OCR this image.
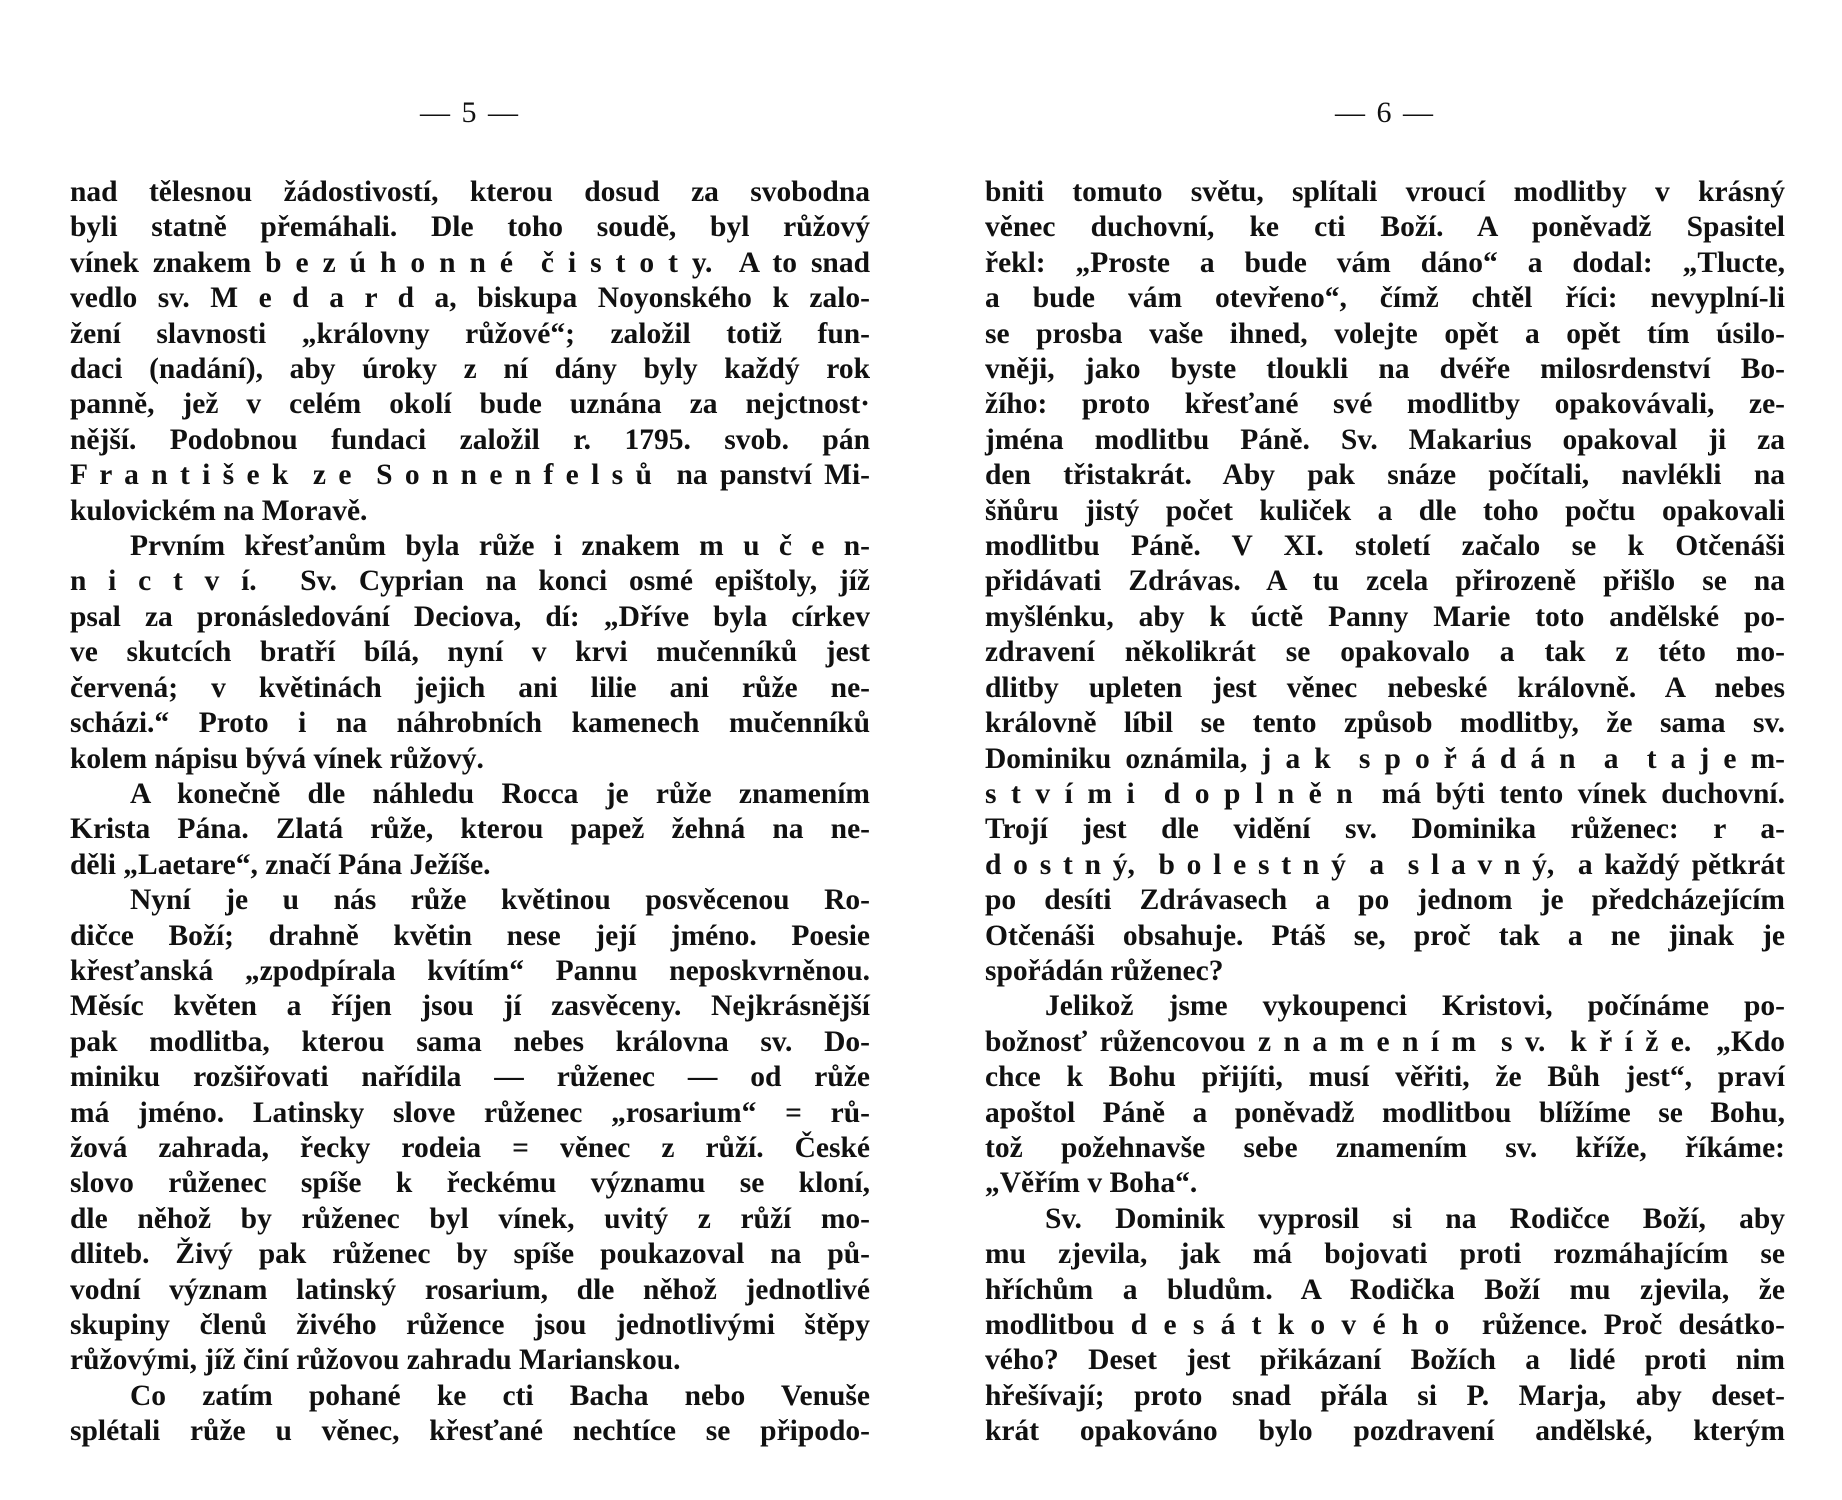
— 5 —
nad tělesnou žádostivostí, kterou dosud za svobodna
byli statně přemáhali. Dle toho soudě, byl růžový
vínek znakem b e z ú h o n n é  č i s t o t y.  A to snad
vedlo sv. M e d a r d a, biskupa Noyonského k zalo-
žení slavnosti „královny růžové“; založil totiž fun-
daci (nadání), aby úroky z ní dány byly každý rok
panně, jež v celém okolí bude uznána za nejctnost·
nější. Podobnou fundaci založil r. 1795. svob. pán
F r a n t i š e k  z e  S o n n e n f e l s ů  na panství Mi-
kulovickém na Moravě.
Prvním křesťanům byla růže i znakem m u č e n-
n i c t v í.  Sv. Cyprian na konci osmé epištoly, jíž
psal za pronásledování Deciova, dí: „Dříve byla církev
ve skutcích bratří bílá, nyní v krvi mučenníků jest
červená; v květinách jejich ani lilie ani růže ne-
scházi.“ Proto i na náhrobních kamenech mučenníků
kolem nápisu bývá vínek růžový.
A konečně dle náhledu Rocca je růže znamením
Krista Pána. Zlatá růže, kterou papež žehná na ne-
děli „Laetare“, značí Pána Ježíše.
Nyní je u nás růže květinou posvěcenou Ro-
dičce Boží; drahně květin nese její jméno. Poesie
křesťanská „zpodpírala kvítím“ Pannu neposkvrněnou.
Měsíc květen a říjen jsou jí zasvěceny. Nejkrásnější
pak modlitba, kterou sama nebes královna sv. Do-
miniku rozšiřovati nařídila — růženec — od růže
má jméno. Latinsky slove růženec „rosarium“ = rů-
žová zahrada, řecky rodeia = věnec z růží. České
slovo růženec spíše k řeckému významu se kloní,
dle něhož by růženec byl vínek, uvitý z růží mo-
dliteb. Živý pak růženec by spíše poukazoval na pů-
vodní význam latinský rosarium, dle něhož jednotlivé
skupiny členů živého růžence jsou jednotlivými štěpy
růžovými, jíž činí růžovou zahradu Marianskou.
Co zatím pohané ke cti Bacha nebo Venuše
splétali růže u věnec, křesťané nechtíce se připodo-
— 6 —
bniti tomuto světu, splítali vroucí modlitby v krásný
věnec duchovní, ke cti Boží. A poněvadž Spasitel
řekl: „Proste a bude vám dáno“ a dodal: „Tlucte,
a bude vám otevřeno“, čímž chtěl říci: nevyplní-li
se prosba vaše ihned, volejte opět a opět tím úsilo-
vněji, jako byste tloukli na dvéře milosrdenství Bo-
žího: proto křesťané své modlitby opakovávali, ze-
jména modlitbu Páně. Sv. Makarius opakoval ji za
den třistakrát. Aby pak snáze počítali, navlékli na
šňůru jistý počet kuliček a dle toho počtu opakovali
modlitbu Páně. V XI. století začalo se k Otčenáši
přidávati Zdrávas. A tu zcela přirozeně přišlo se na
myšlénku, aby k úctě Panny Marie toto andělské po-
zdravení několikrát se opakovalo a tak z této mo-
dlitby upleten jest věnec nebeské královně. A nebes
královně líbil se tento způsob modlitby, že sama sv.
Dominiku oznámila, j a k  s p o ř á d á n  a  t a j e m-
s t v í m i  d o p l n ě n  má býti tento vínek duchovní.
Trojí jest dle vidění sv. Dominika růženec: r a-
d o s t n ý,  b o l e s t n ý  a  s l a v n ý,  a každý pětkrát
po desíti Zdrávasech a po jednom je předcházejícím
Otčenáši obsahuje. Ptáš se, proč tak a ne jinak je
spořádán růženec?
Jelikož jsme vykoupenci Kristovi, počínáme po-
božnosť růžencovou z n a m e n í m  s v.  k ř í ž e.  „Kdo
chce k Bohu přijíti, musí věřiti, že Bůh jest“, praví
apoštol Páně a poněvadž modlitbou blížíme se Bohu,
tož požehnavše sebe znamením sv. kříže, říkáme:
„Věřím v Boha“.
Sv. Dominik vyprosil si na Rodičce Boží, aby
mu zjevila, jak má bojovati proti rozmáhajícím se
hříchům a bludům. A Rodička Boží mu zjevila, že
modlitbou d e s á t k o v é h o  růžence. Proč desátko-
vého? Deset jest přikázaní Božích a lidé proti nim
hřešívají; proto snad přála si P. Marja, aby deset-
krát opakováno bylo pozdravení andělské, kterým
